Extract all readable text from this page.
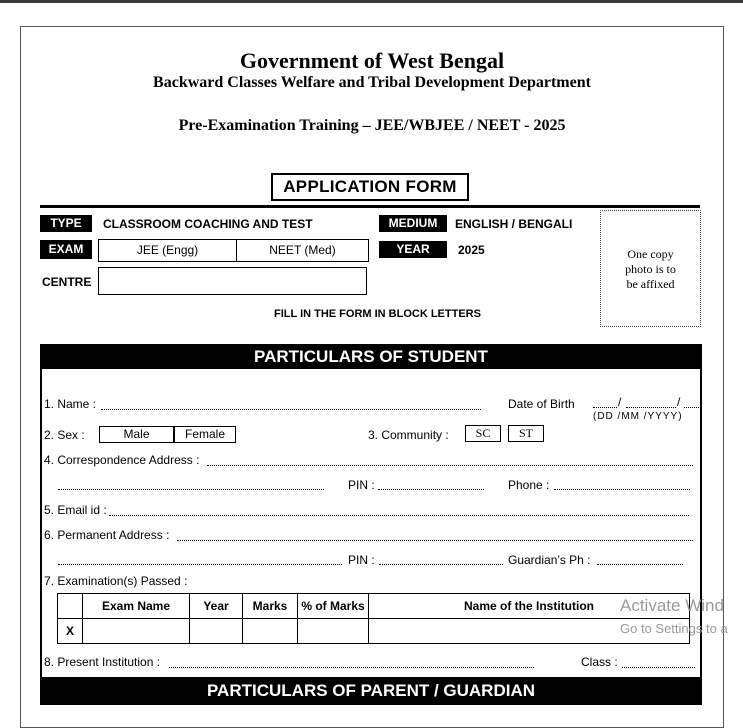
Government of West Bengal
Backward Classes Welfare and Tribal Development Department
Pre-Examination Training – JEE/WBJEE / NEET - 2025
APPLICATION FORM
TYPE	CLASSROOM COACHING AND TEST	MEDIUM	ENGLISH / BENGALI
EXAM	JEE (Engg)	NEET (Med)	YEAR	2025
CENTRE
One copy
photo is to
be affixed
FILL IN THE FORM IN BLOCK LETTERS
PARTICULARS OF STUDENT
1. Name :	Date of Birth	/	/
(DD /MM /YYYY)
2. Sex :	Male	Female	3. Community :	SC	ST
4. Correspondence Address :
PIN :	Phone :
5. Email id :
6. Permanent Address :
PIN :	Guardian’s Ph :
7. Examination(s) Passed :
	Exam Name	Year	Marks	% of Marks	Name of the Institution
X					
8. Present Institution :	Class :
PARTICULARS OF PARENT / GUARDIAN
Activate Wind
Go to Settings to a
